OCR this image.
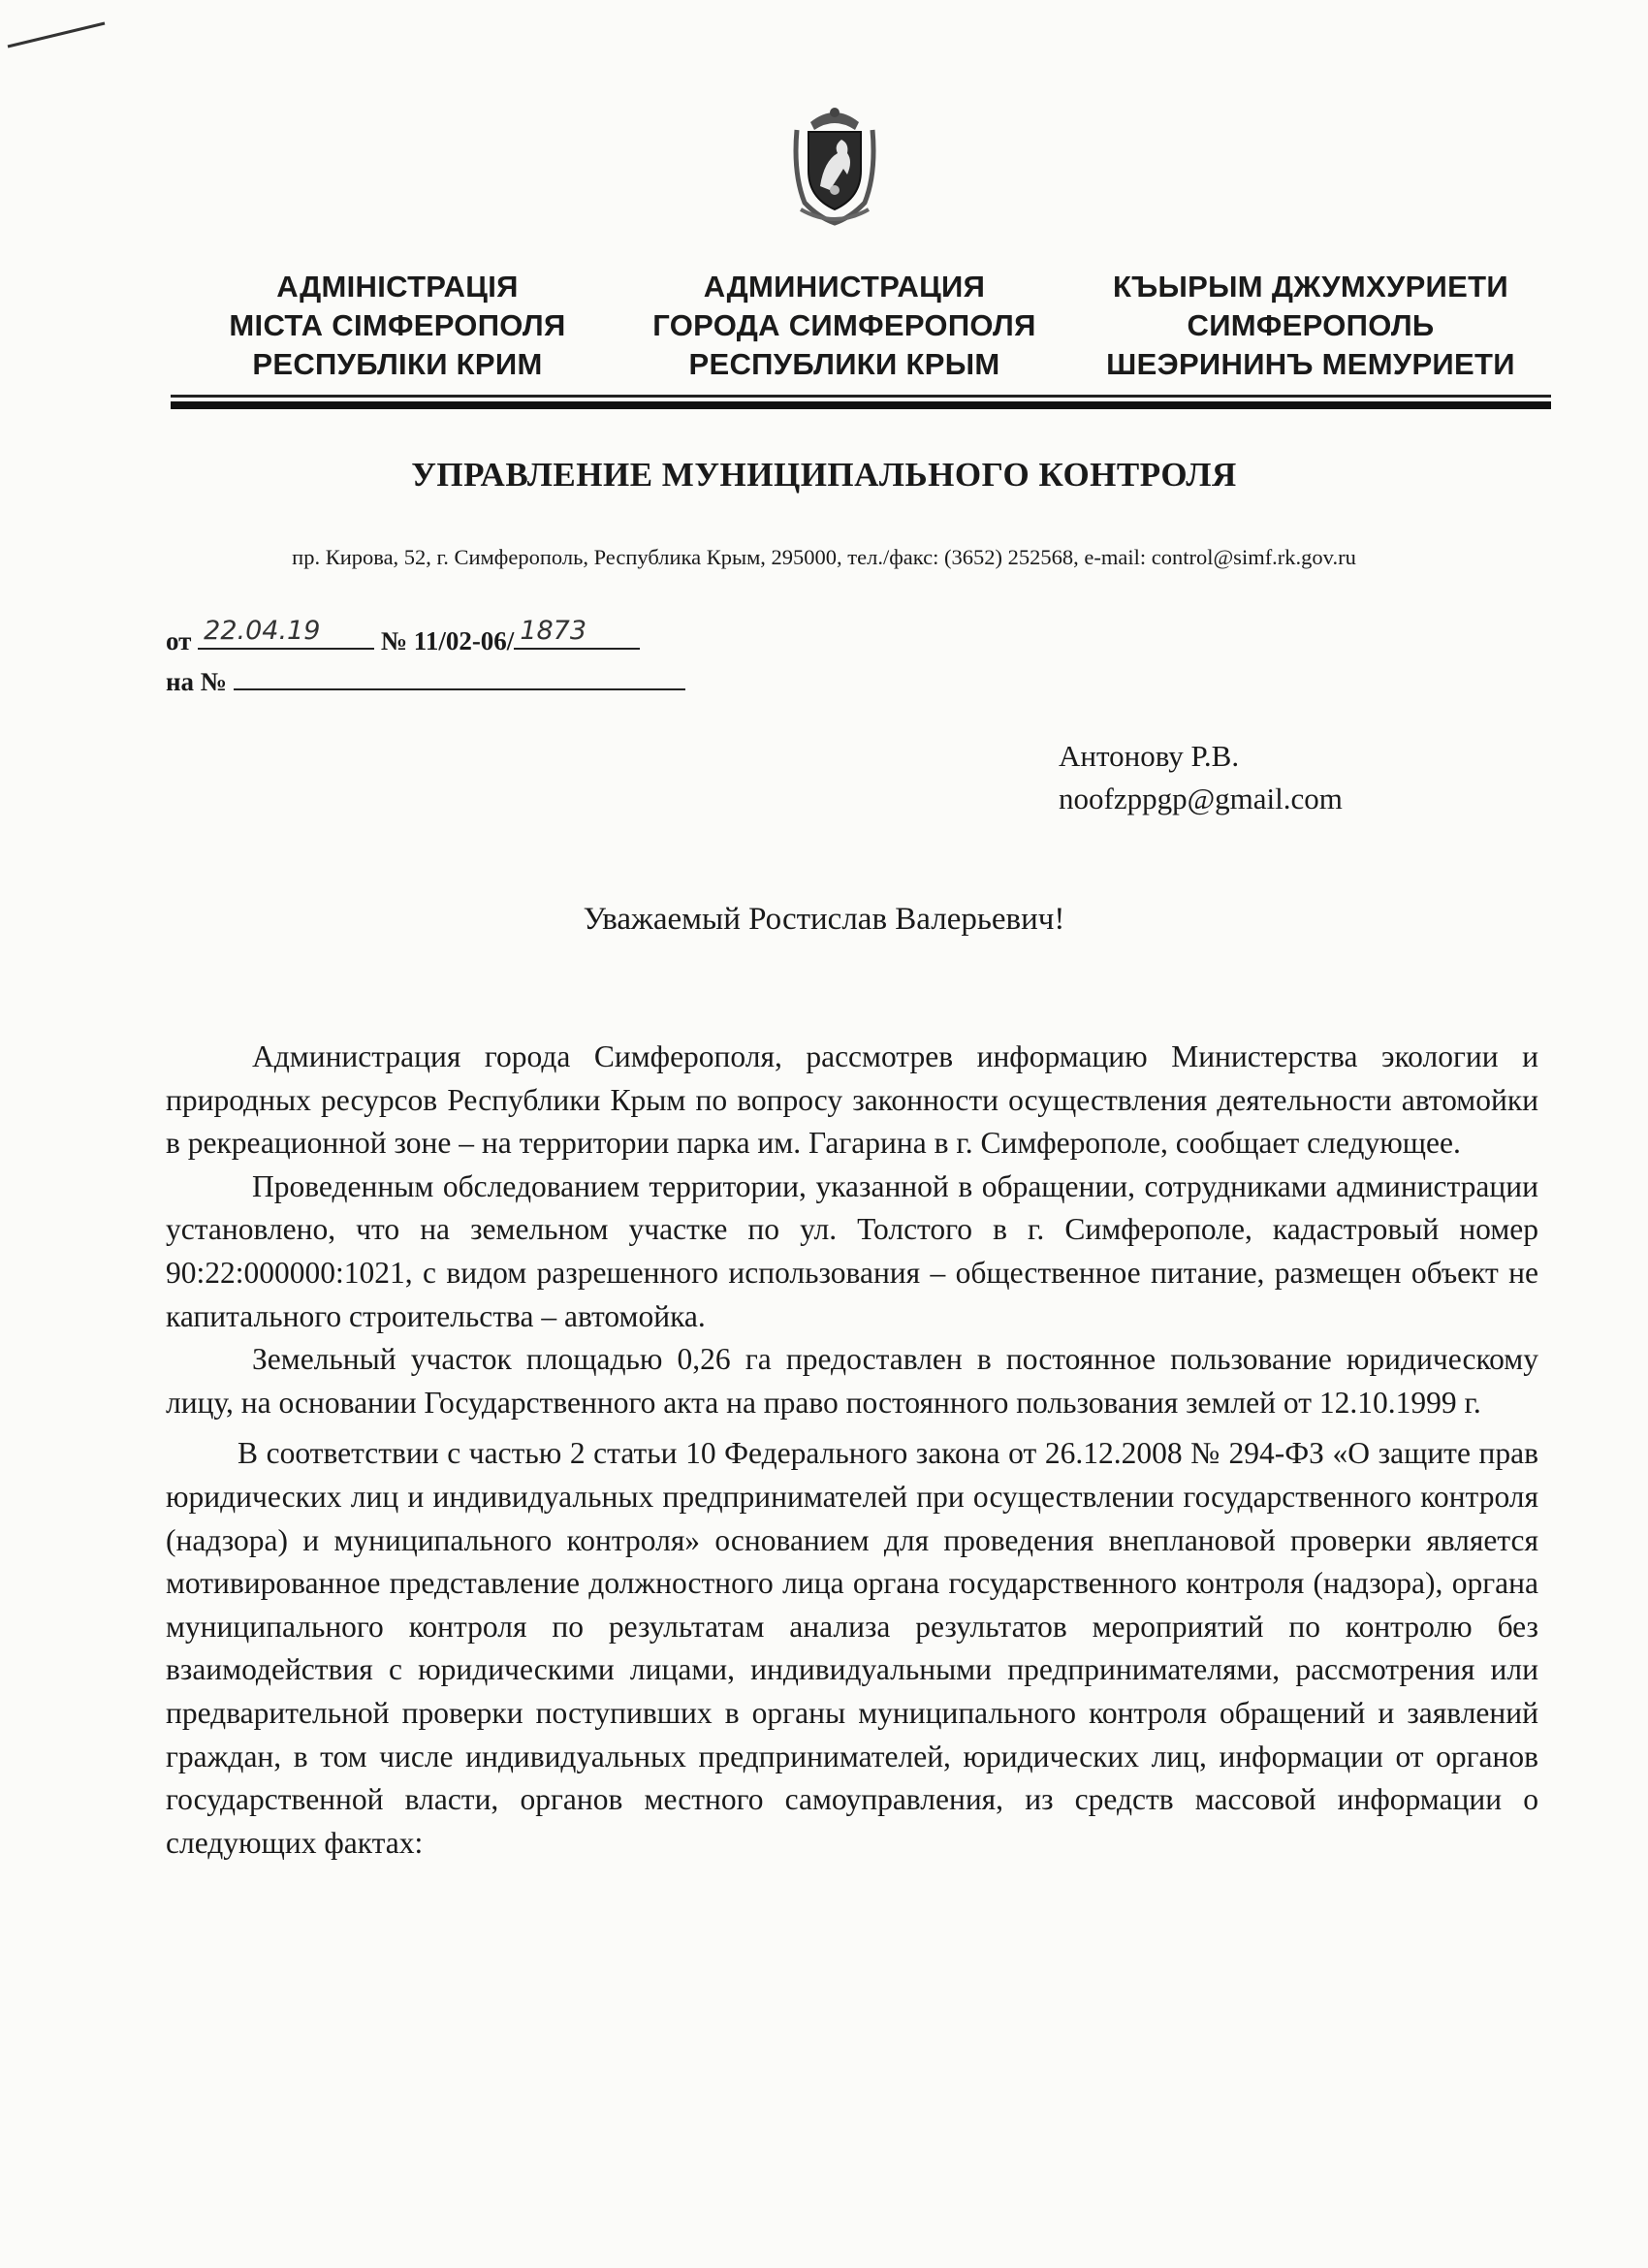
АДМІНІСТРАЦІЯ
МІСТА СІМФЕРОПОЛЯ
РЕСПУБЛІКИ КРИМ
АДМИНИСТРАЦИЯ
ГОРОДА СИМФЕРОПОЛЯ
РЕСПУБЛИКИ КРЫМ
КЪЫРЫМ ДЖУМХУРИЕТИ
СИМФЕРОПОЛЬ
ШЕЭРИНИНЪ МЕМУРИЕТИ
УПРАВЛЕНИЕ МУНИЦИПАЛЬНОГО КОНТРОЛЯ
пр. Кирова, 52, г. Симферополь, Республика Крым, 295000, тел./факс: (3652) 252568, e-mail: control@simf.rk.gov.ru
от 22.04.19 № 11/02-06/ 1873
на №
Антонову Р.В.
noofzppgp@gmail.com
Уважаемый Ростислав Валерьевич!

Администрация города Симферополя, рассмотрев информацию Министерства экологии и природных ресурсов Республики Крым по вопросу законности осуществления деятельности автомойки в рекреационной зоне – на территории парка им. Гагарина в г. Симферополе, сообщает следующее.

Проведенным обследованием территории, указанной в обращении, сотрудниками администрации установлено, что на земельном участке по ул. Толстого в г. Симферополе, кадастровый номер 90:22:000000:1021, с видом разрешенного использования – общественное питание, размещен объект не капитального строительства – автомойка.

Земельный участок площадью 0,26 га предоставлен в постоянное пользование юридическому лицу, на основании Государственного акта на право постоянного пользования землей от 12.10.1999 г.

В соответствии с частью 2 статьи 10 Федерального закона от 26.12.2008 № 294-ФЗ «О защите прав юридических лиц и индивидуальных предпринимателей при осуществлении государственного контроля (надзора) и муниципального контроля» основанием для проведения внеплановой проверки является мотивированное представление должностного лица органа государственного контроля (надзора), органа муниципального контроля по результатам анализа результатов мероприятий по контролю без взаимодействия с юридическими лицами, индивидуальными предпринимателями, рассмотрения или предварительной проверки поступивших в органы муниципального контроля обращений и заявлений граждан, в том числе индивидуальных предпринимателей, юридических лиц, информации от органов государственной власти, органов местного самоуправления, из средств массовой информации о следующих фактах:
